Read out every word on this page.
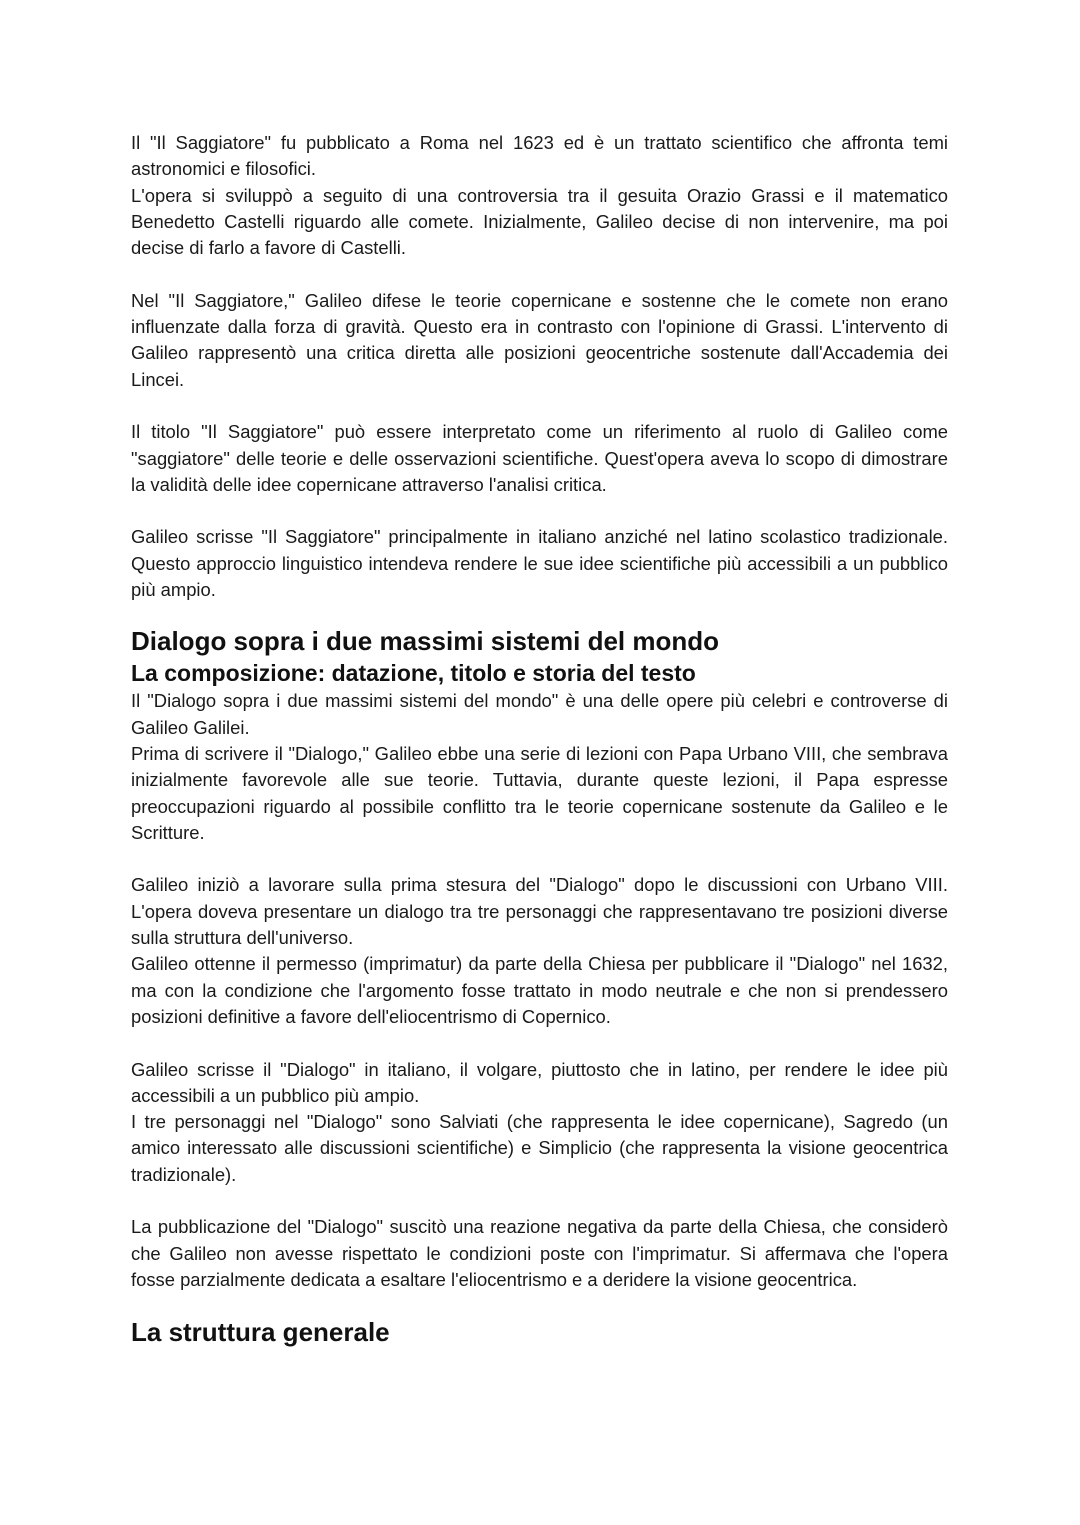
Il "Il Saggiatore" fu pubblicato a Roma nel 1623 ed è un trattato scientifico che affronta temi astronomici e filosofici.

L'opera si sviluppò a seguito di una controversia tra il gesuita Orazio Grassi e il matematico Benedetto Castelli riguardo alle comete. Inizialmente, Galileo decise di non intervenire, ma poi decise di farlo a favore di Castelli.

Nel "Il Saggiatore," Galileo difese le teorie copernicane e sostenne che le comete non erano influenzate dalla forza di gravità. Questo era in contrasto con l'opinione di Grassi. L'intervento di Galileo rappresentò una critica diretta alle posizioni geocentriche sostenute dall'Accademia dei Lincei.

Il titolo "Il Saggiatore" può essere interpretato come un riferimento al ruolo di Galileo come "saggiatore" delle teorie e delle osservazioni scientifiche. Quest'opera aveva lo scopo di dimostrare la validità delle idee copernicane attraverso l'analisi critica.

Galileo scrisse "Il Saggiatore" principalmente in italiano anziché nel latino scolastico tradizionale. Questo approccio linguistico intendeva rendere le sue idee scientifiche più accessibili a un pubblico più ampio.

Dialogo sopra i due massimi sistemi del mondo
La composizione: datazione, titolo e storia del testo

Il "Dialogo sopra i due massimi sistemi del mondo" è una delle opere più celebri e controverse di Galileo Galilei.

Prima di scrivere il "Dialogo," Galileo ebbe una serie di lezioni con Papa Urbano VIII, che sembrava inizialmente favorevole alle sue teorie. Tuttavia, durante queste lezioni, il Papa espresse preoccupazioni riguardo al possibile conflitto tra le teorie copernicane sostenute da Galileo e le Scritture.

Galileo iniziò a lavorare sulla prima stesura del "Dialogo" dopo le discussioni con Urbano VIII. L'opera doveva presentare un dialogo tra tre personaggi che rappresentavano tre posizioni diverse sulla struttura dell'universo.

Galileo ottenne il permesso (imprimatur) da parte della Chiesa per pubblicare il "Dialogo" nel 1632, ma con la condizione che l'argomento fosse trattato in modo neutrale e che non si prendessero posizioni definitive a favore dell'eliocentrismo di Copernico.

Galileo scrisse il "Dialogo" in italiano, il volgare, piuttosto che in latino, per rendere le idee più accessibili a un pubblico più ampio.

I tre personaggi nel "Dialogo" sono Salviati (che rappresenta le idee copernicane), Sagredo (un amico interessato alle discussioni scientifiche) e Simplicio (che rappresenta la visione geocentrica tradizionale).

La pubblicazione del "Dialogo" suscitò una reazione negativa da parte della Chiesa, che considerò che Galileo non avesse rispettato le condizioni poste con l'imprimatur. Si affermava che l'opera fosse parzialmente dedicata a esaltare l'eliocentrismo e a deridere la visione geocentrica.

La struttura generale
